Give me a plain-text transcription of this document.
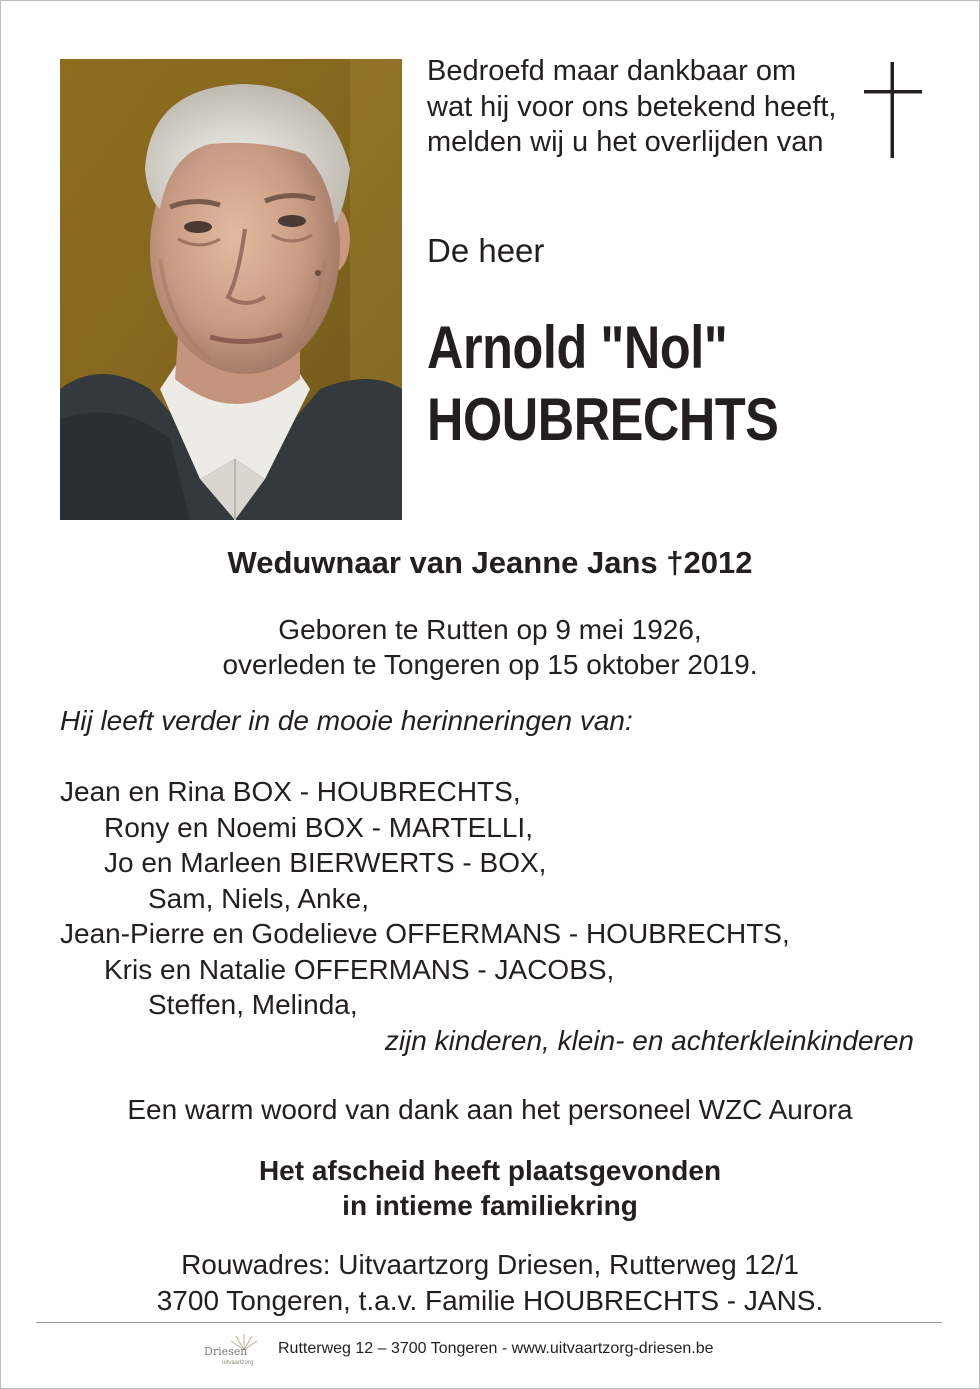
Bedroefd maar dankbaar om wat hij voor ons betekend heeft, melden wij u het overlijden van

De heer

Arnold "Nol"
HOUBRECHTS

Weduwnaar van Jeanne Jans †2012

Geboren te Rutten op 9 mei 1926,
overleden te Tongeren op 15 oktober 2019.

Hij leeft verder in de mooie herinneringen van:

Jean en Rina BOX - HOUBRECHTS,
Rony en Noemi BOX - MARTELLI,
Jo en Marleen BIERWERTS - BOX,
Sam, Niels, Anke,
Jean-Pierre en Godelieve OFFERMANS - HOUBRECHTS,
Kris en Natalie OFFERMANS - JACOBS,
Steffen, Melinda,
zijn kinderen, klein- en achterkleinkinderen

Een warm woord van dank aan het personeel WZC Aurora

Het afscheid heeft plaatsgevonden
in intieme familiekring

Rouwadres: Uitvaartzorg Driesen, Rutterweg 12/1
3700 Tongeren, t.a.v. Familie HOUBRECHTS - JANS.

Driesen
uitvaartzorg
Rutterweg 12 – 3700 Tongeren - www.uitvaartzorg-driesen.be
